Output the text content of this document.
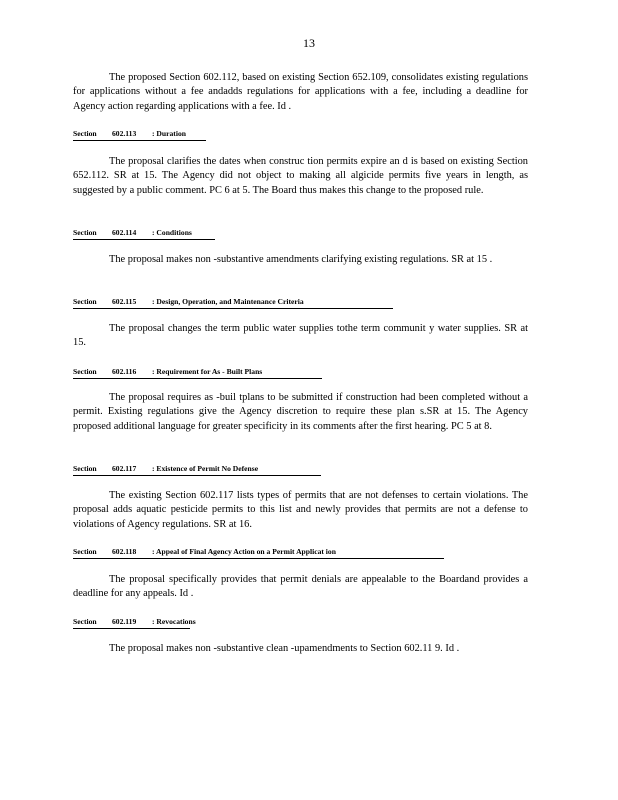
13

The proposed Section 602.112, based on existing Section 652.109, consolidates existing regulations for applications without a fee andadds regulations for applications with a fee, including a deadline for Agency action regarding applications with a fee. Id .

Section 602.113 : Duration

The proposal clarifies the dates when construc tion permits expire an d is based on existing Section 652.112. SR at 15. The Agency did not object to making all algicide permits five years in length, as suggested by a public comment. PC 6 at 5. The Board thus makes this change to the proposed rule.

Section 602.114 : Conditions

The proposal makes non -substantive amendments clarifying existing regulations. SR at 15 .

Section 602.115 : Design, Operation, and Maintenance Criteria

The proposal changes the term public water supplies tothe term communit y water supplies. SR at 15.

Section 602.116 : Requirement for As - Built Plans

The proposal requires as -buil tplans to be submitted if construction had been completed without a permit. Existing regulations give the Agency discretion to require these plan s.SR at 15. The Agency proposed additional language for greater specificity in its comments after the first hearing. PC 5 at 8.

Section 602.117 : Existence of Permit No Defense

The existing Section 602.117 lists types of permits that are not defenses to certain violations. The proposal adds aquatic pesticide permits to this list and newly provides that permits are not a defense to violations of Agency regulations. SR at 16.

Section 602.118 : Appeal of Final Agency Action on a Permit Applicat ion

The proposal specifically provides that permit denials are appealable to the Boardand provides a deadline for any appeals. Id .

Section 602.119 : Revocations

The proposal makes non -substantive clean -upamendments to Section 602.11 9. Id .
